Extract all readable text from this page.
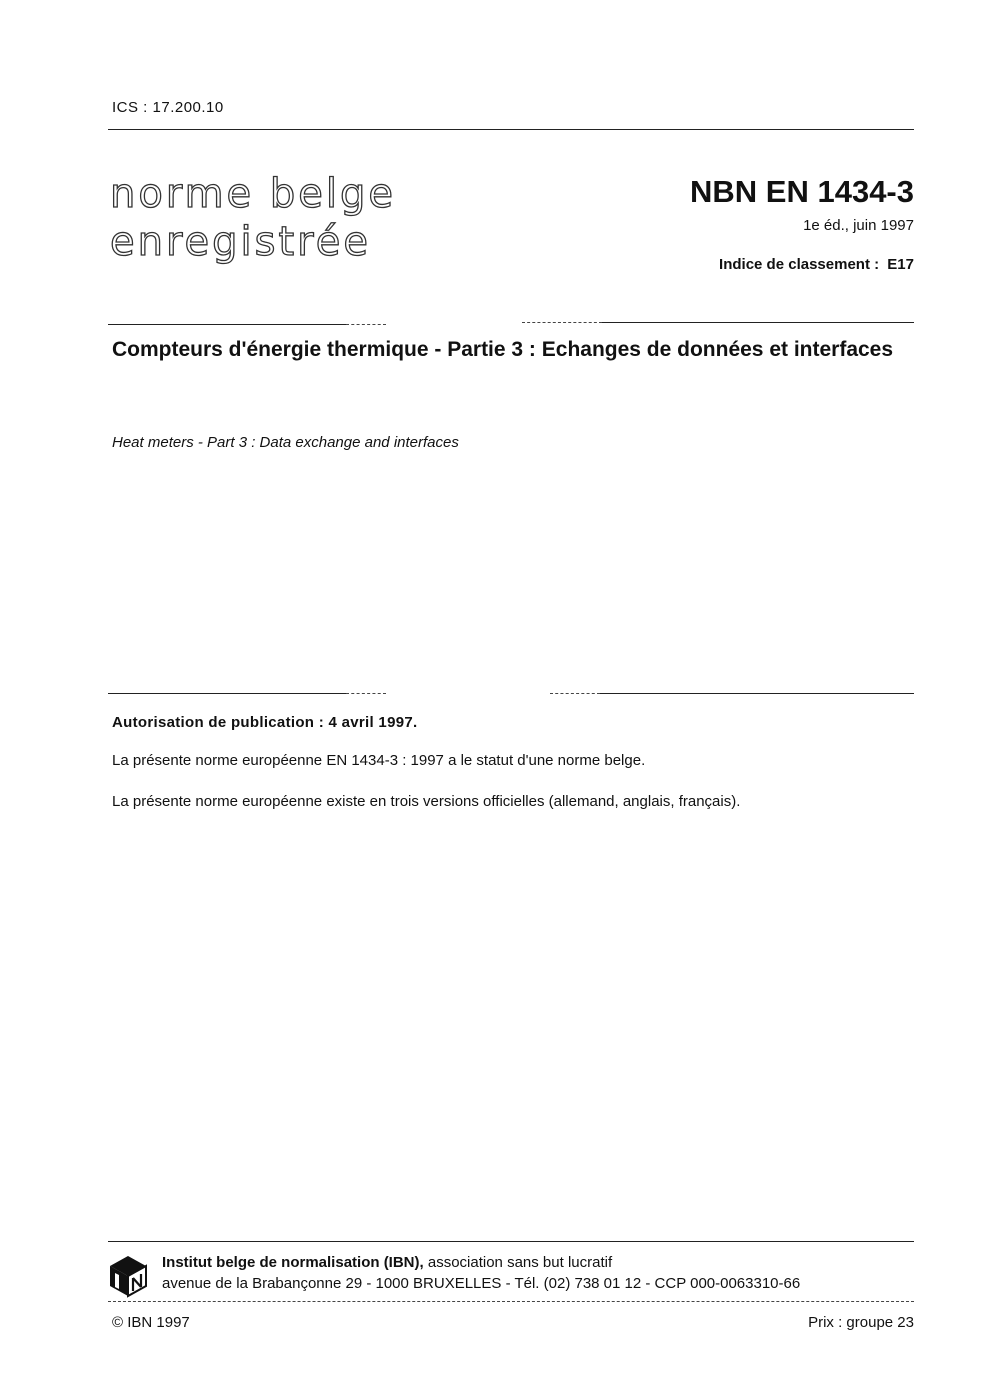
ICS : 17.200.10
norme belge
enregistrée
NBN EN 1434-3
1e éd., juin 1997
Indice de classement : E17
Compteurs d'énergie thermique - Partie 3 : Echanges de données et interfaces
Heat meters - Part 3 : Data exchange and interfaces
Autorisation de publication : 4 avril 1997.
La présente norme européenne EN 1434-3 : 1997 a le statut d'une norme belge.
La présente norme européenne existe en trois versions officielles (allemand, anglais, français).
Institut belge de normalisation (IBN), association sans but lucratif
avenue de la Brabançonne 29 - 1000 BRUXELLES - Tél. (02) 738 01 12 - CCP 000-0063310-66
© IBN 1997	Prix : groupe 23
